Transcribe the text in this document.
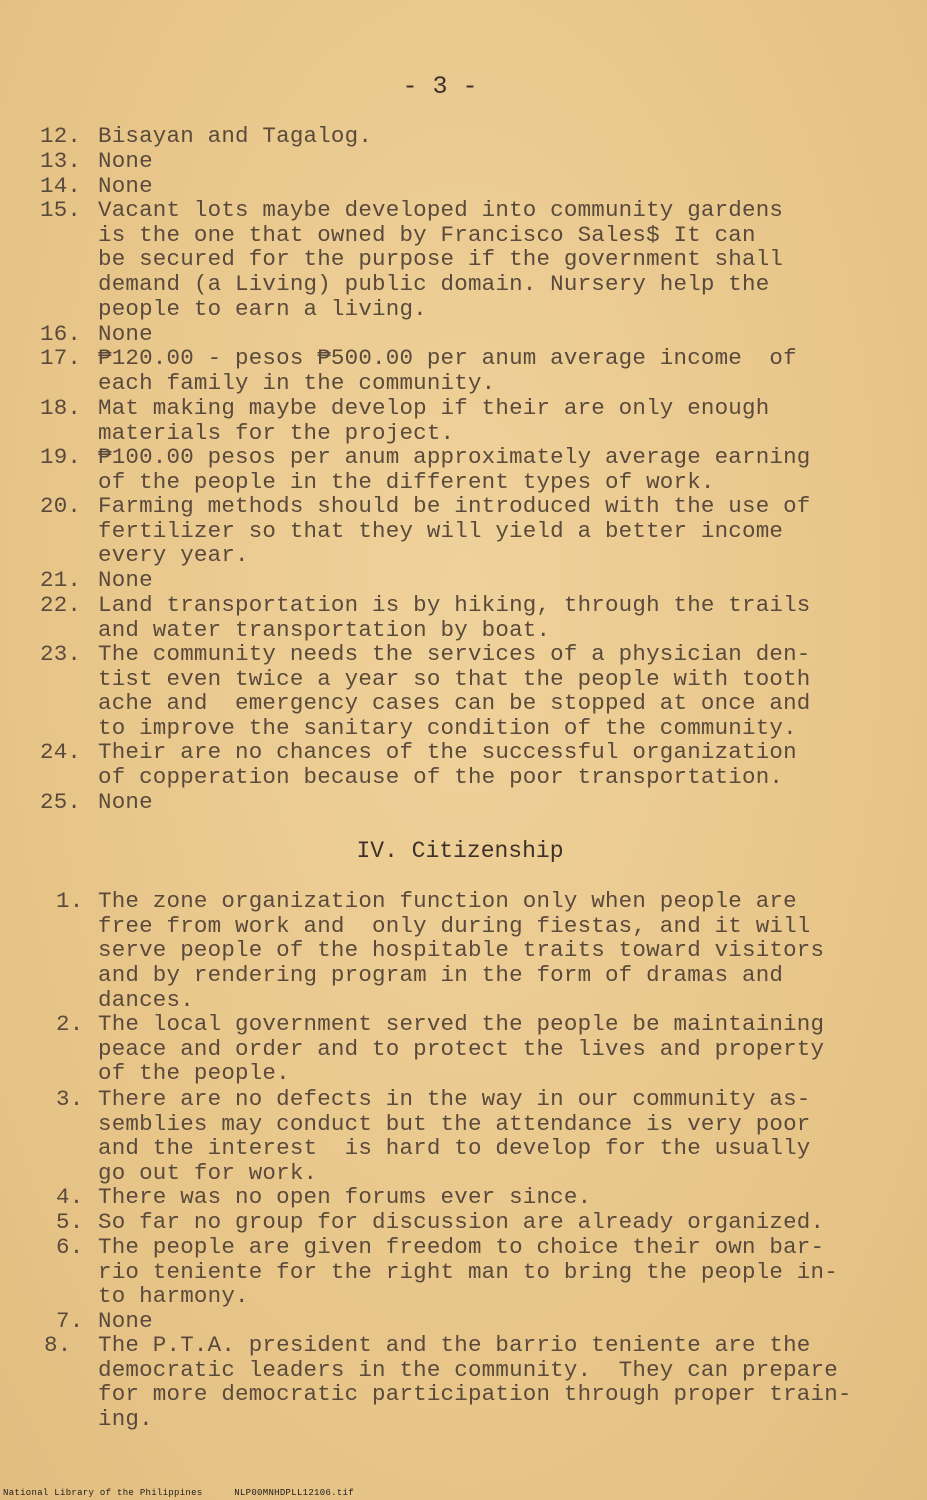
- 3 -
12. Bisayan and Tagalog.
13. None
14. None
15. Vacant lots maybe developed into community gardens
is the one that owned by Francisco Sales$ It can
be secured for the purpose if the government shall
demand (a Living) public domain. Nursery help the
people to earn a living.
16. None
17. ₱120.00 - pesos ₱500.00 per anum average income  of
each family in the community.
18. Mat making maybe develop if their are only enough
materials for the project.
19. ₱100.00 pesos per anum approximately average earning
of the people in the different types of work.
20. Farming methods should be introduced with the use of
fertilizer so that they will yield a better income
every year.
21. None
22. Land transportation is by hiking, through the trails
and water transportation by boat.
23. The community needs the services of a physician den-
tist even twice a year so that the people with tooth
ache and  emergency cases can be stopped at once and
to improve the sanitary condition of the community.
24. Their are no chances of the successful organization
of copperation because of the poor transportation.
25. None
IV. Citizenship
1. The zone organization function only when people are
free from work and  only during fiestas, and it will
serve people of the hospitable traits toward visitors
and by rendering program in the form of dramas and
dances.
2. The local government served the people be maintaining
peace and order and to protect the lives and property
of the people.
3. There are no defects in the way in our community as-
semblies may conduct but the attendance is very poor
and the interest  is hard to develop for the usually
go out for work.
4. There was no open forums ever since.
5. So far no group for discussion are already organized.
6. The people are given freedom to choice their own bar-
rio teniente for the right man to bring the people in-
to harmony.
7. None
8.	The P.T.A. president and the barrio teniente are the
democratic leaders in the community.  They can prepare
for more democratic participation through proper train-
ing.
National Library of the Philippines	NLP00MNHDPLL12106.tif
